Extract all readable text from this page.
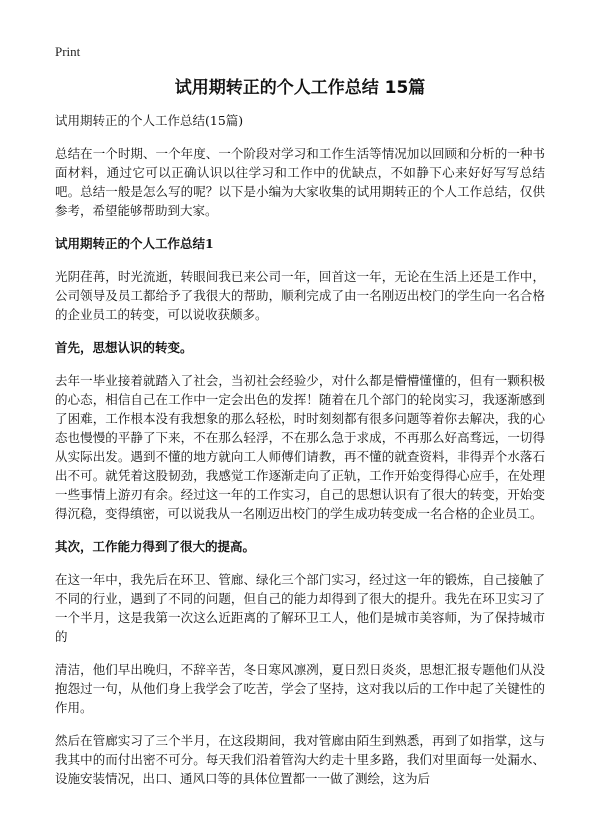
Print
试用期转正的个人工作总结 15篇
试用期转正的个人工作总结(15篇)

总结在一个时期、一个年度、一个阶段对学习和工作生活等情况加以回顾和分析的一种书面材料，通过它可以正确认识以往学习和工作中的优缺点，不如静下心来好好写写总结吧。总结一般是怎么写的呢？以下是小编为大家收集的试用期转正的个人工作总结，仅供参考，希望能够帮助到大家。

试用期转正的个人工作总结1

光阴荏苒，时光流逝，转眼间我已来公司一年，回首这一年，无论在生活上还是工作中，公司领导及员工都给予了我很大的帮助，顺利完成了由一名刚迈出校门的学生向一名合格的企业员工的转变，可以说收获颇多。

首先，思想认识的转变。

去年一毕业接着就踏入了社会，当初社会经验少，对什么都是懵懵懂懂的，但有一颗积极的心态，相信自己在工作中一定会出色的发挥！随着在几个部门的轮岗实习，我逐渐感到了困难，工作根本没有我想象的那么轻松，时时刻刻都有很多问题等着你去解决，我的心态也慢慢的平静了下来，不在那么轻浮，不在那么急于求成，不再那么好高骛远，一切得从实际出发。遇到不懂的地方就向工人师傅们请教，再不懂的就查资料，非得弄个水落石出不可。就凭着这股韧劲，我感觉工作逐渐走向了正轨，工作开始变得得心应手，在处理一些事情上游刃有余。经过这一年的工作实习，自己的思想认识有了很大的转变，开始变得沉稳，变得缜密，可以说我从一名刚迈出校门的学生成功转变成一名合格的企业员工。

其次，工作能力得到了很大的提高。

在这一年中，我先后在环卫、管廊、绿化三个部门实习，经过这一年的锻炼，自己接触了不同的行业，遇到了不同的问题，但自己的能力却得到了很大的提升。我先在环卫实习了一个半月，这是我第一次这么近距离的了解环卫工人，他们是城市美容师，为了保持城市的

清洁，他们早出晚归，不辞辛苦，冬日寒风凛冽，夏日烈日炎炎，思想汇报专题他们从没抱怨过一句，从他们身上我学会了吃苦，学会了坚持，这对我以后的工作中起了关键性的作用。

然后在管廊实习了三个半月，在这段期间，我对管廊由陌生到熟悉，再到了如指掌，这与我其中的而付出密不可分。每天我们沿着管沟大约走十里多路，我们对里面每一处漏水、设施安装情况，出口、通风口等的具体位置都一一做了测绘，这为后
